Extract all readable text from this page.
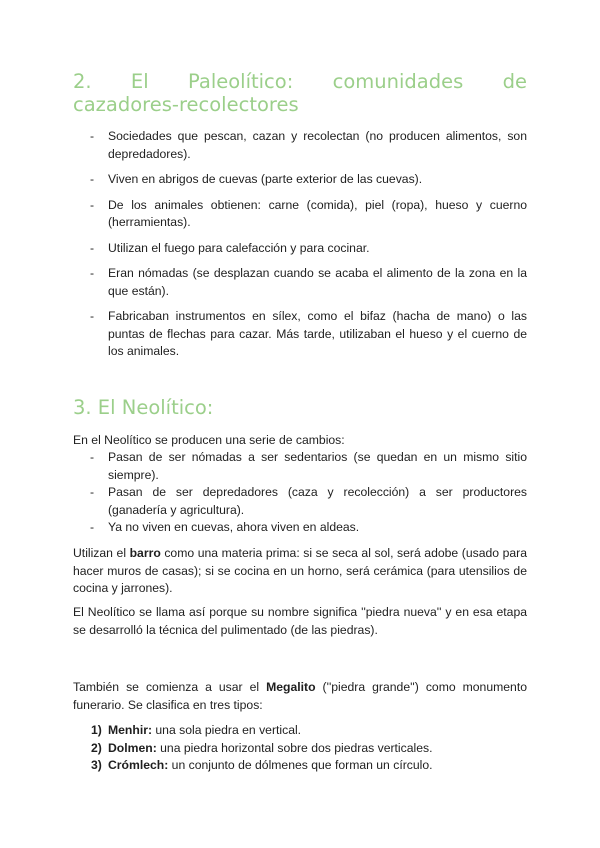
2. El Paleolítico: comunidades de
cazadores-recolectores
- Sociedades que pescan, cazan y recolectan (no producen alimentos, son depredadores).
- Viven en abrigos de cuevas (parte exterior de las cuevas).
- De los animales obtienen: carne (comida), piel (ropa), hueso y cuerno (herramientas).
- Utilizan el fuego para calefacción y para cocinar.
- Eran nómadas (se desplazan cuando se acaba el alimento de la zona en la que están).
- Fabricaban instrumentos en sílex, como el bifaz (hacha de mano) o las puntas de flechas para cazar. Más tarde, utilizaban el hueso y el cuerno de los animales.
3. El Neolítico:

En el Neolítico se producen una serie de cambios:

- Pasan de ser nómadas a ser sedentarios (se quedan en un mismo sitio siempre).
- Pasan de ser depredadores (caza y recolección) a ser productores (ganadería y agricultura).
- Ya no viven en cuevas, ahora viven en aldeas.

Utilizan el barro como una materia prima: si se seca al sol, será adobe (usado para hacer muros de casas); si se cocina en un horno, será cerámica (para utensilios de cocina y jarrones).

El Neolítico se llama así porque su nombre significa ''piedra nueva'' y en esa etapa se desarrolló la técnica del pulimentado (de las piedras).

También se comienza a usar el Megalito (''piedra grande'') como monumento funerario. Se clasifica en tres tipos:

1) Menhir: una sola piedra en vertical.
2) Dolmen: una piedra horizontal sobre dos piedras verticales.
3) Crómlech: un conjunto de dólmenes que forman un círculo.
